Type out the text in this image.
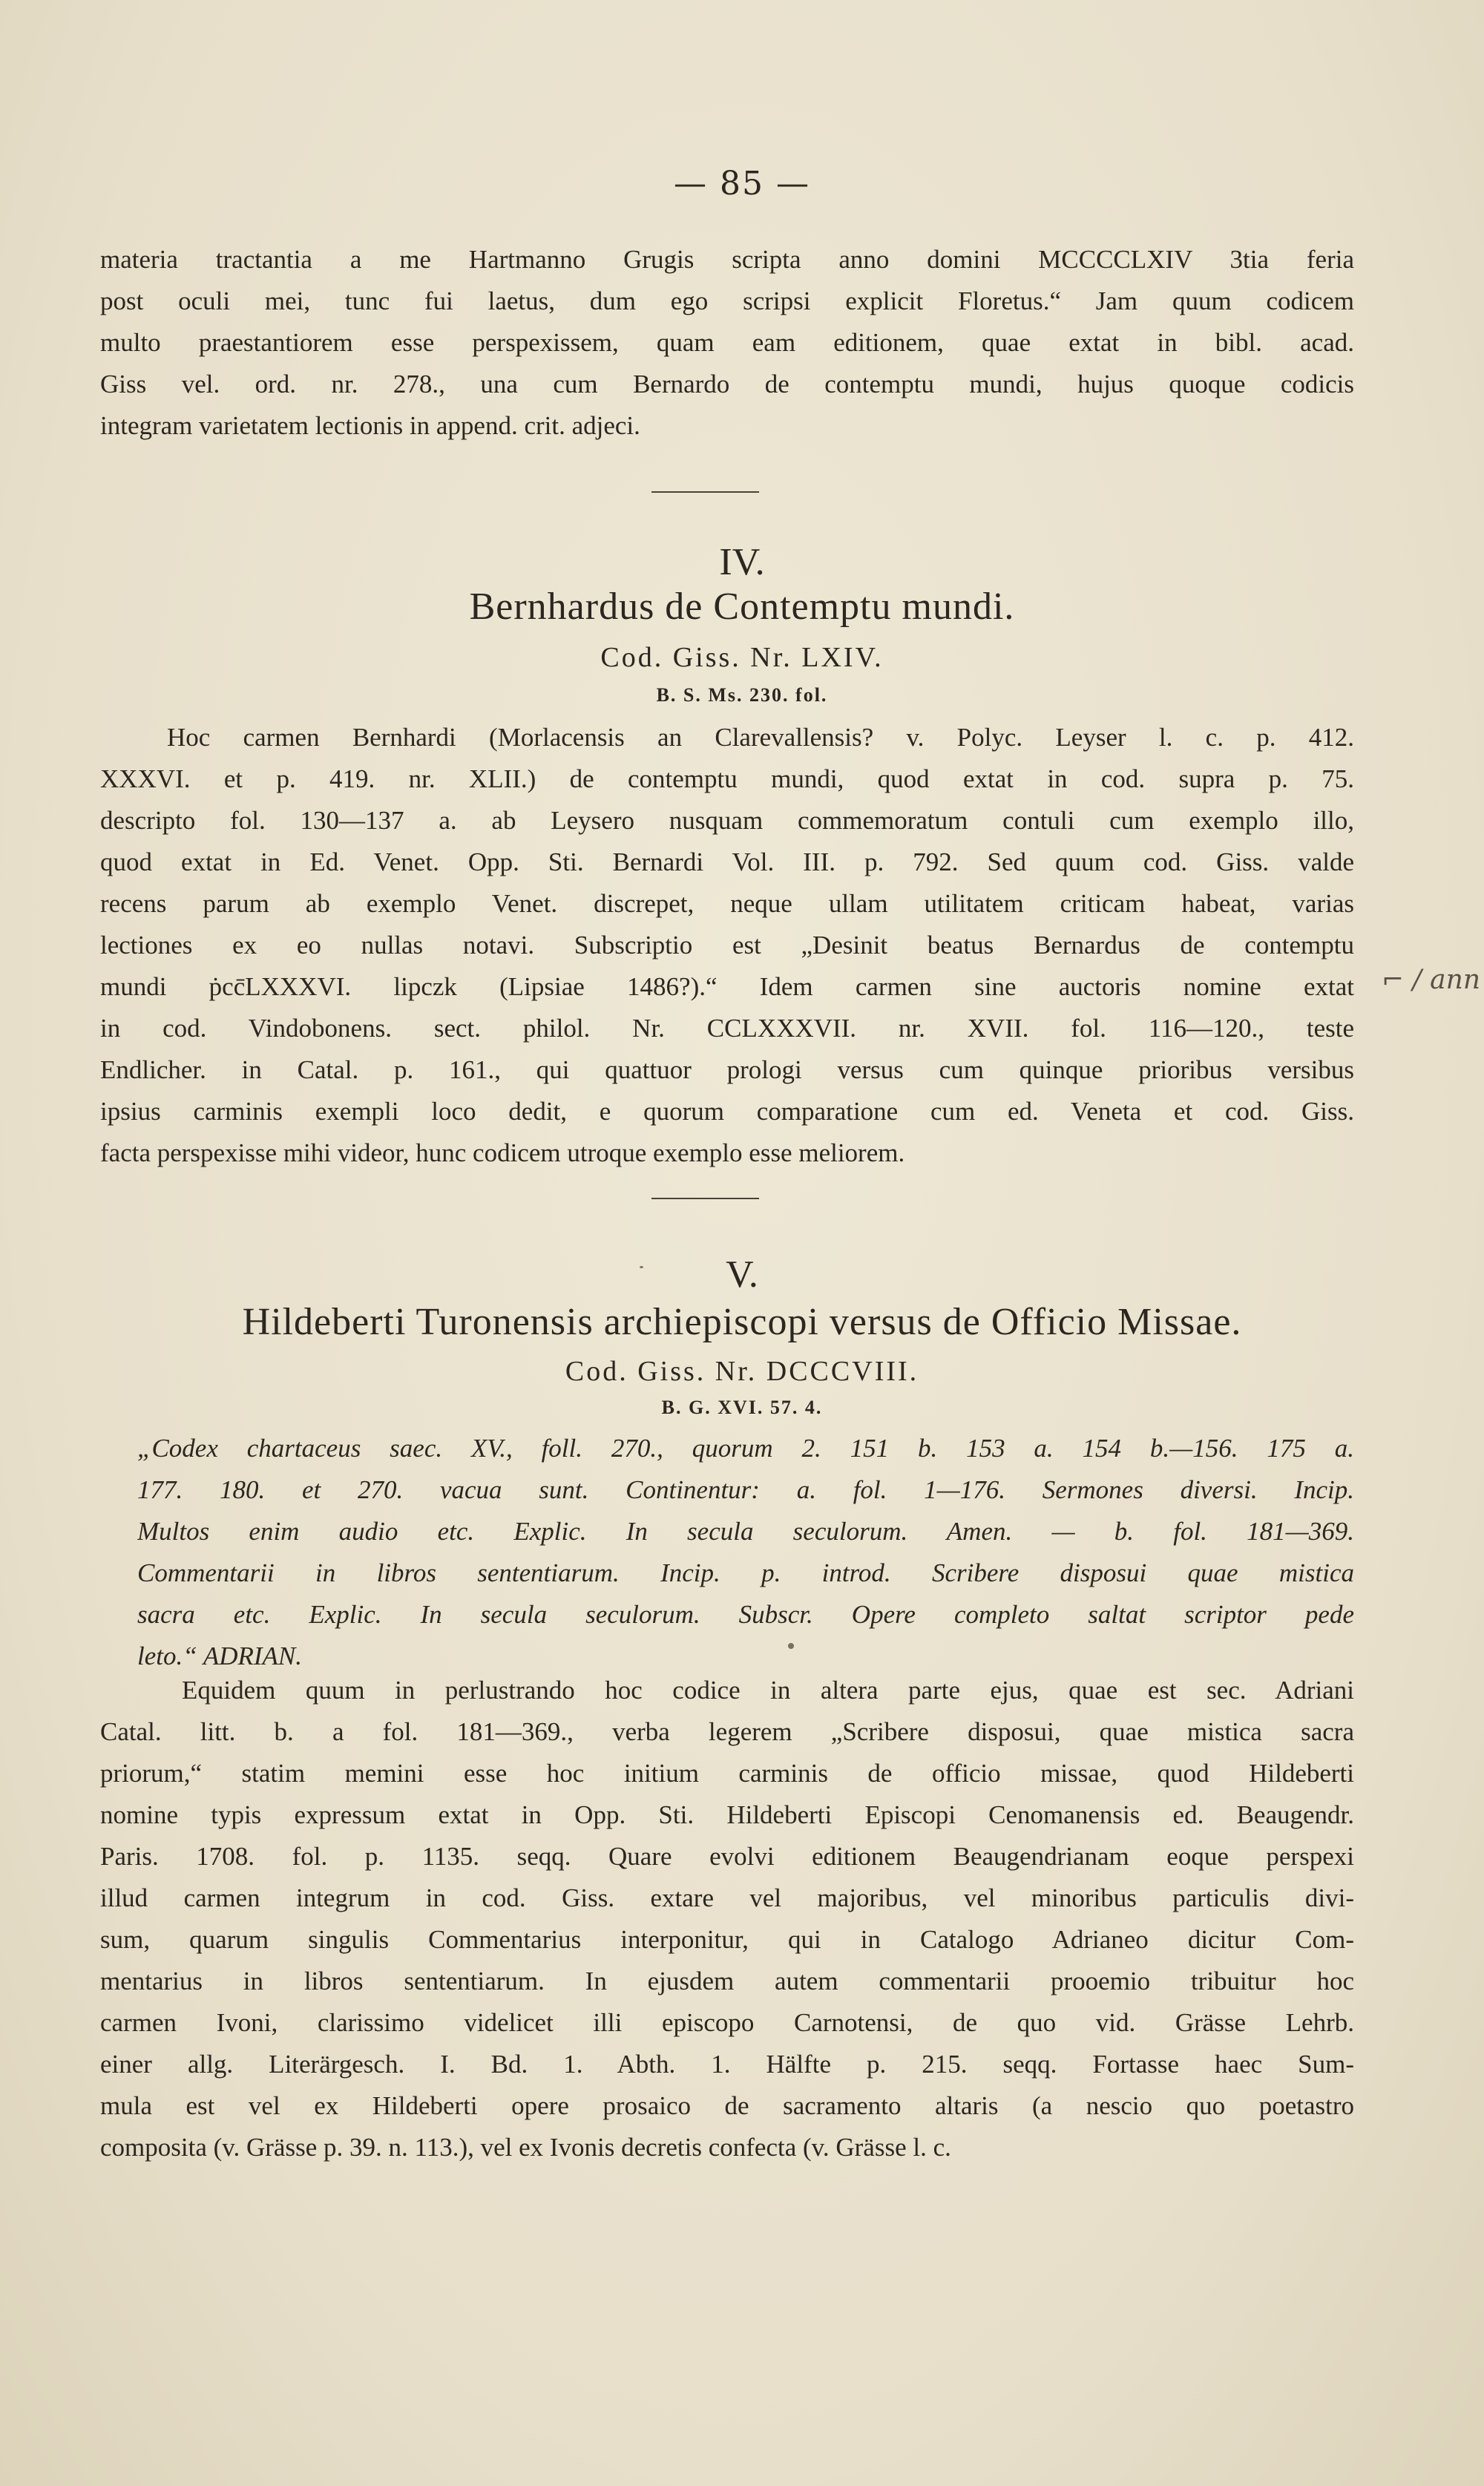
— 85 —
materia tractantia a me Hartmanno Grugis scripta anno domini MCCCCLXIV 3tia feria
post oculi mei, tunc fui laetus, dum ego scripsi explicit Floretus.“ Jam quum codicem
multo praestantiorem esse perspexissem, quam eam editionem, quae extat in bibl. acad.
Giss vel. ord. nr. 278., una cum Bernardo de contemptu mundi, hujus quoque codicis
integram varietatem lectionis in append. crit. adjeci.
IV.
Bernhardus de Contemptu mundi.
Cod. Giss. Nr. LXIV.
B. S. Ms. 230. fol.
Hoc carmen Bernhardi (Morlacensis an Clarevallensis? v. Polyc. Leyser l. c. p. 412.
XXXVI. et p. 419. nr. XLII.) de contemptu mundi, quod extat in cod. supra p. 75.
descripto fol. 130—137 a. ab Leysero nusquam commemoratum contuli cum exemplo illo,
quod extat in Ed. Venet. Opp. Sti. Bernardi Vol. III. p. 792. Sed quum cod. Giss. valde
recens parum ab exemplo Venet. discrepet, neque ullam utilitatem criticam habeat, varias
lectiones ex eo nullas notavi. Subscriptio est „Desinit beatus Bernardus de contemptu
mundi ṗcc̄LXXXVI. lipczk (Lipsiae 1486?).“ Idem carmen sine auctoris nomine extat
in cod. Vindobonens. sect. philol. Nr. CCLXXXVII. nr. XVII. fol. 116—120., teste
Endlicher. in Catal. p. 161., qui quattuor prologi versus cum quinque prioribus versibus
ipsius carminis exempli loco dedit, e quorum comparatione cum ed. Veneta et cod. Giss.
facta perspexisse mihi videor, hunc codicem utroque exemplo esse meliorem.
⌐ / ann
V.
Hildeberti Turonensis archiepiscopi versus de Officio Missae.
Cod. Giss. Nr. DCCCVIII.
B. G. XVI. 57. 4.
„Codex chartaceus saec. XV., foll. 270., quorum 2. 151 b. 153 a. 154 b.—156. 175 a.
177. 180. et 270. vacua sunt. Continentur: a. fol. 1—176. Sermones diversi. Incip.
Multos enim audio etc. Explic. In secula seculorum. Amen. — b. fol. 181—369.
Commentarii in libros sententiarum. Incip. p. introd. Scribere disposui quae mistica
sacra etc. Explic. In secula seculorum. Subscr. Opere completo saltat scriptor pede
leto.“ ADRIAN.
Equidem quum in perlustrando hoc codice in altera parte ejus, quae est sec. Adriani
Catal. litt. b. a fol. 181—369., verba legerem „Scribere disposui, quae mistica sacra
priorum,“ statim memini esse hoc initium carminis de officio missae, quod Hildeberti
nomine typis expressum extat in Opp. Sti. Hildeberti Episcopi Cenomanensis ed. Beaugendr.
Paris. 1708. fol. p. 1135. seqq. Quare evolvi editionem Beaugendrianam eoque perspexi
illud carmen integrum in cod. Giss. extare vel majoribus, vel minoribus particulis divi-
sum, quarum singulis Commentarius interponitur, qui in Catalogo Adrianeo dicitur Com-
mentarius in libros sententiarum. In ejusdem autem commentarii prooemio tribuitur hoc
carmen Ivoni, clarissimo videlicet illi episcopo Carnotensi, de quo vid. Grässe Lehrb.
einer allg. Literärgesch. I. Bd. 1. Abth. 1. Hälfte p. 215. seqq. Fortasse haec Sum-
mula est vel ex Hildeberti opere prosaico de sacramento altaris (a nescio quo poetastro
composita (v. Grässe p. 39. n. 113.), vel ex Ivonis decretis confecta (v. Grässe l. c.
